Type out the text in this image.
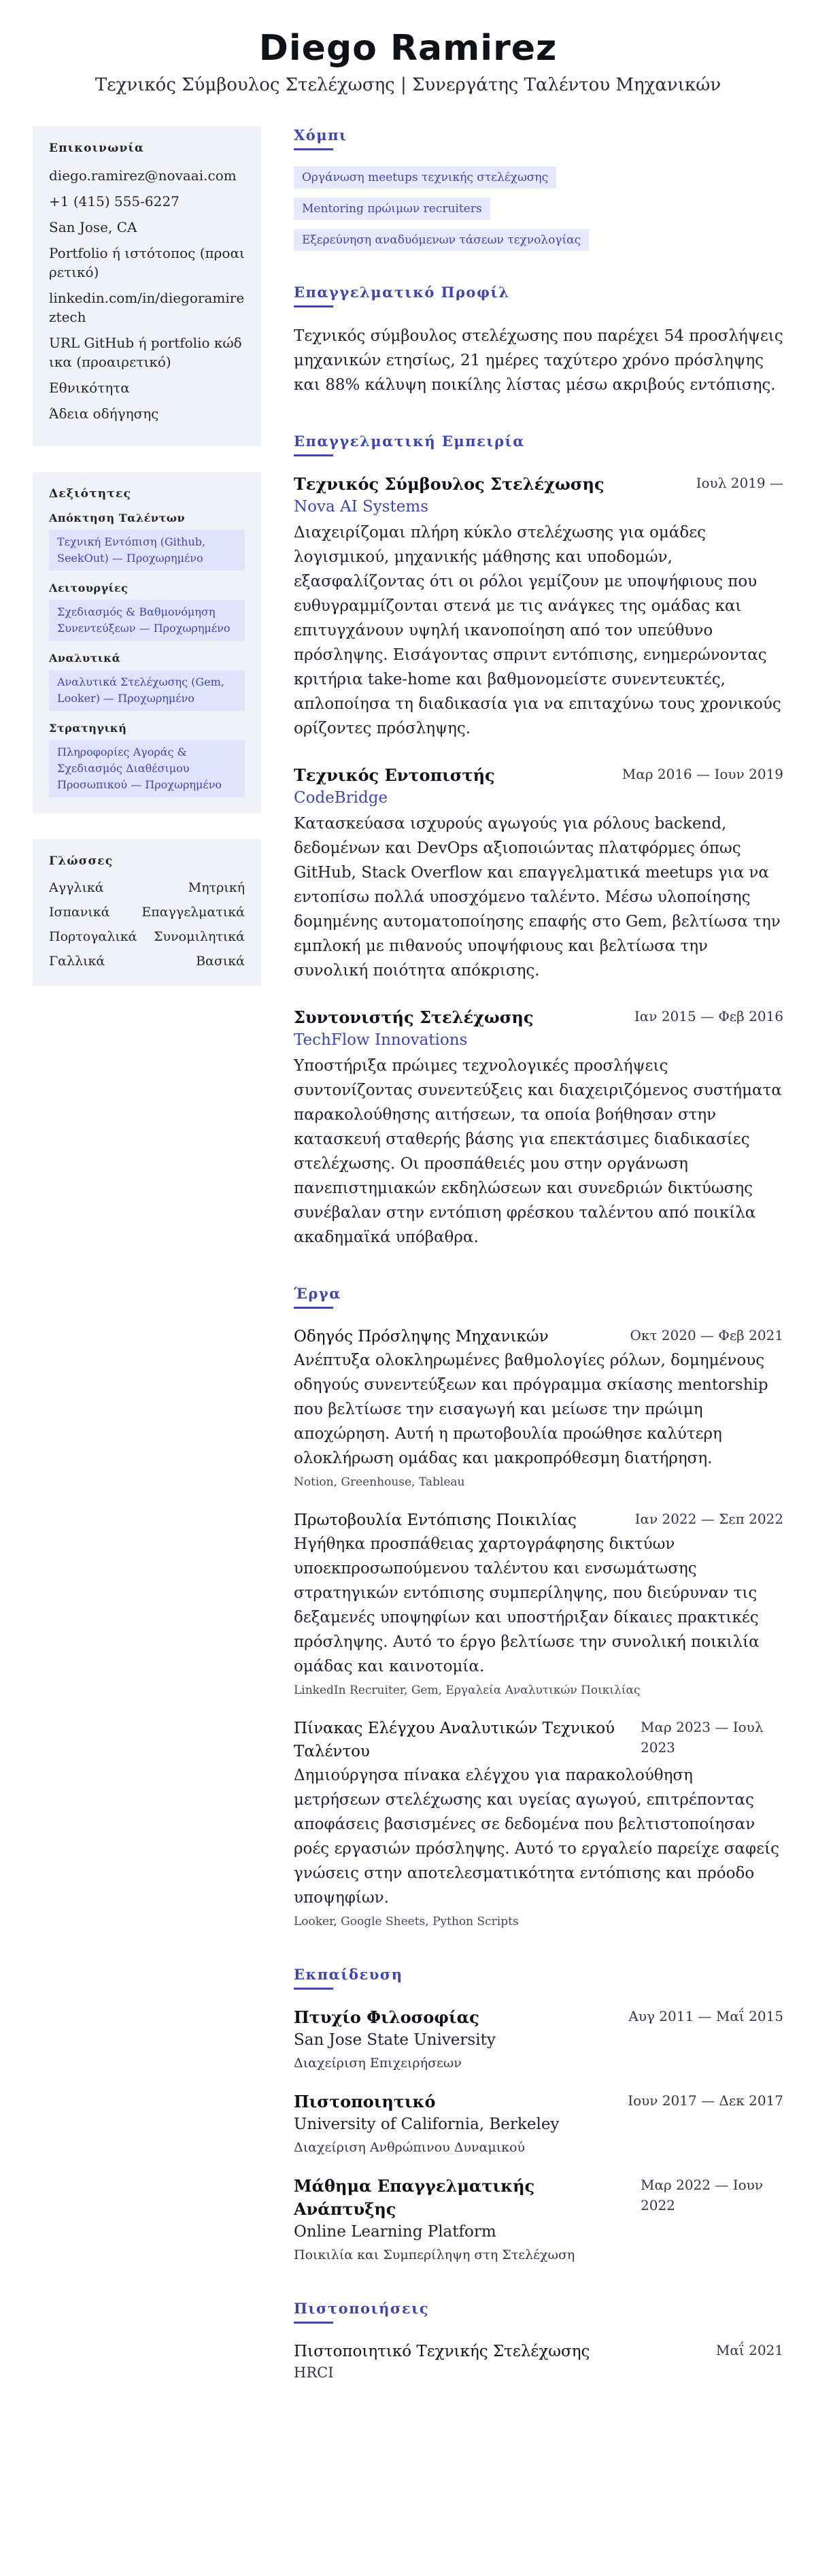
Diego Ramirez
Τεχνικός Σύμβουλος Στελέχωσης | Συνεργάτης Ταλέντου Μηχανικών
Επικοινωνία
diego.ramirez@novaai.com
+1 (415) 555-6227
San Jose, CA
Portfolio ή ιστότοπος (προαιρετικό)
linkedin.com/in/diegoramireztech
URL GitHub ή portfolio κώδικα (προαιρετικό)
Εθνικότητα
Άδεια οδήγησης
Δεξιότητες
Απόκτηση Ταλέντων
Τεχνική Εντόπιση (Github, SeekOut) — Προχωρημένο
Λειτουργίες
Σχεδιασμός & Βαθμονόμηση Συνεντεύξεων — Προχωρημένο
Αναλυτικά
Αναλυτικά Στελέχωσης (Gem, Looker) — Προχωρημένο
Στρατηγική
Πληροφορίες Αγοράς & Σχεδιασμός Διαθέσιμου Προσωπικού — Προχωρημένο
Γλώσσες
Αγγλικά	Μητρική
Ισπανικά Επαγγελματικά
Πορτογαλικά Συνομιλητικά
Γαλλικά	Βασικά
Χόμπι
Οργάνωση meetups τεχνικής στελέχωσης
Mentoring πρώιμων recruiters
Εξερεύνηση αναδυόμενων τάσεων τεχνολογίας
Επαγγελματικό Προφίλ
Τεχνικός σύμβουλος στελέχωσης που παρέχει 54 προσλήψεις μηχανικών ετησίως, 21 ημέρες ταχύτερο χρόνο πρόσληψης και 88% κάλυψη ποικίλης λίστας μέσω ακριβούς εντόπισης.
Επαγγελματική Εμπειρία
Τεχνικός Σύμβουλος Στελέχωσης	Ιουλ 2019 —
Nova AI Systems
Διαχειρίζομαι πλήρη κύκλο στελέχωσης για ομάδες λογισμικού, μηχανικής μάθησης και υποδομών, εξασφαλίζοντας ότι οι ρόλοι γεμίζουν με υποψήφιους που ευθυγραμμίζονται στενά με τις ανάγκες της ομάδας και επιτυγχάνουν υψηλή ικανοποίηση από τον υπεύθυνο πρόσληψης. Εισάγοντας σπριντ εντόπισης, ενημερώνοντας κριτήρια take-home και βαθμονομείστε συνεντευκτές, απλοποίησα τη διαδικασία για να επιταχύνω τους χρονικούς ορίζοντες πρόσληψης.
Τεχνικός Εντοπιστής	Μαρ 2016 — Ιουν 2019
CodeBridge
Κατασκεύασα ισχυρούς αγωγούς για ρόλους backend, δεδομένων και DevOps αξιοποιώντας πλατφόρμες όπως GitHub, Stack Overflow και επαγγελματικά meetups για να εντοπίσω πολλά υποσχόμενο ταλέντο. Μέσω υλοποίησης δομημένης αυτοματοποίησης επαφής στο Gem, βελτίωσα την εμπλοκή με πιθανούς υποψήφιους και βελτίωσα την συνολική ποιότητα απόκρισης.
Συντονιστής Στελέχωσης	Ιαν 2015 — Φεβ 2016
TechFlow Innovations
Υποστήριξα πρώιμες τεχνολογικές προσλήψεις συντονίζοντας συνεντεύξεις και διαχειριζόμενος συστήματα παρακολούθησης αιτήσεων, τα οποία βοήθησαν στην κατασκευή σταθερής βάσης για επεκτάσιμες διαδικασίες στελέχωσης. Οι προσπάθειές μου στην οργάνωση πανεπιστημιακών εκδηλώσεων και συνεδριών δικτύωσης συνέβαλαν στην εντόπιση φρέσκου ταλέντου από ποικίλα ακαδημαϊκά υπόβαθρα.
Έργα
Οδηγός Πρόσληψης Μηχανικών	Οκτ 2020 — Φεβ 2021
Ανέπτυξα ολοκληρωμένες βαθμολογίες ρόλων, δομημένους οδηγούς συνεντεύξεων και πρόγραμμα σκίασης mentorship που βελτίωσε την εισαγωγή και μείωσε την πρώιμη αποχώρηση. Αυτή η πρωτοβουλία προώθησε καλύτερη ολοκλήρωση ομάδας και μακροπρόθεσμη διατήρηση.
Notion, Greenhouse, Tableau
Πρωτοβουλία Εντόπισης Ποικιλίας	Ιαν 2022 — Σεπ 2022
Ηγήθηκα προσπάθειας χαρτογράφησης δικτύων υποεκπροσωπούμενου ταλέντου και ενσωμάτωσης στρατηγικών εντόπισης συμπερίληψης, που διεύρυναν τις δεξαμενές υποψηφίων και υποστήριξαν δίκαιες πρακτικές πρόσληψης. Αυτό το έργο βελτίωσε την συνολική ποικιλία ομάδας και καινοτομία.
LinkedIn Recruiter, Gem, Εργαλεία Αναλυτικών Ποικιλίας
Πίνακας Ελέγχου Αναλυτικών Τεχνικού Ταλέντου
Μαρ 2023 — Ιουλ 2023
Δημιούργησα πίνακα ελέγχου για παρακολούθηση μετρήσεων στελέχωσης και υγείας αγωγού, επιτρέποντας αποφάσεις βασισμένες σε δεδομένα που βελτιστοποίησαν ροές εργασιών πρόσληψης. Αυτό το εργαλείο παρείχε σαφείς γνώσεις στην αποτελεσματικότητα εντόπισης και πρόοδο υποψηφίων.
Looker, Google Sheets, Python Scripts
Εκπαίδευση
Πτυχίο Φιλοσοφίας	Αυγ 2011 — Μαΐ 2015
San Jose State University
Διαχείριση Επιχειρήσεων
Πιστοποιητικό	Ιουν 2017 — Δεκ 2017
University of California, Berkeley
Διαχείριση Ανθρώπινου Δυναμικού
Μάθημα Επαγγελματικής Ανάπτυξης
Μαρ 2022 — Ιουν 2022
Online Learning Platform
Ποικιλία και Συμπερίληψη στη Στελέχωση
Πιστοποιήσεις
Πιστοποιητικό Τεχνικής Στελέχωσης	Μαΐ 2021
HRCI
